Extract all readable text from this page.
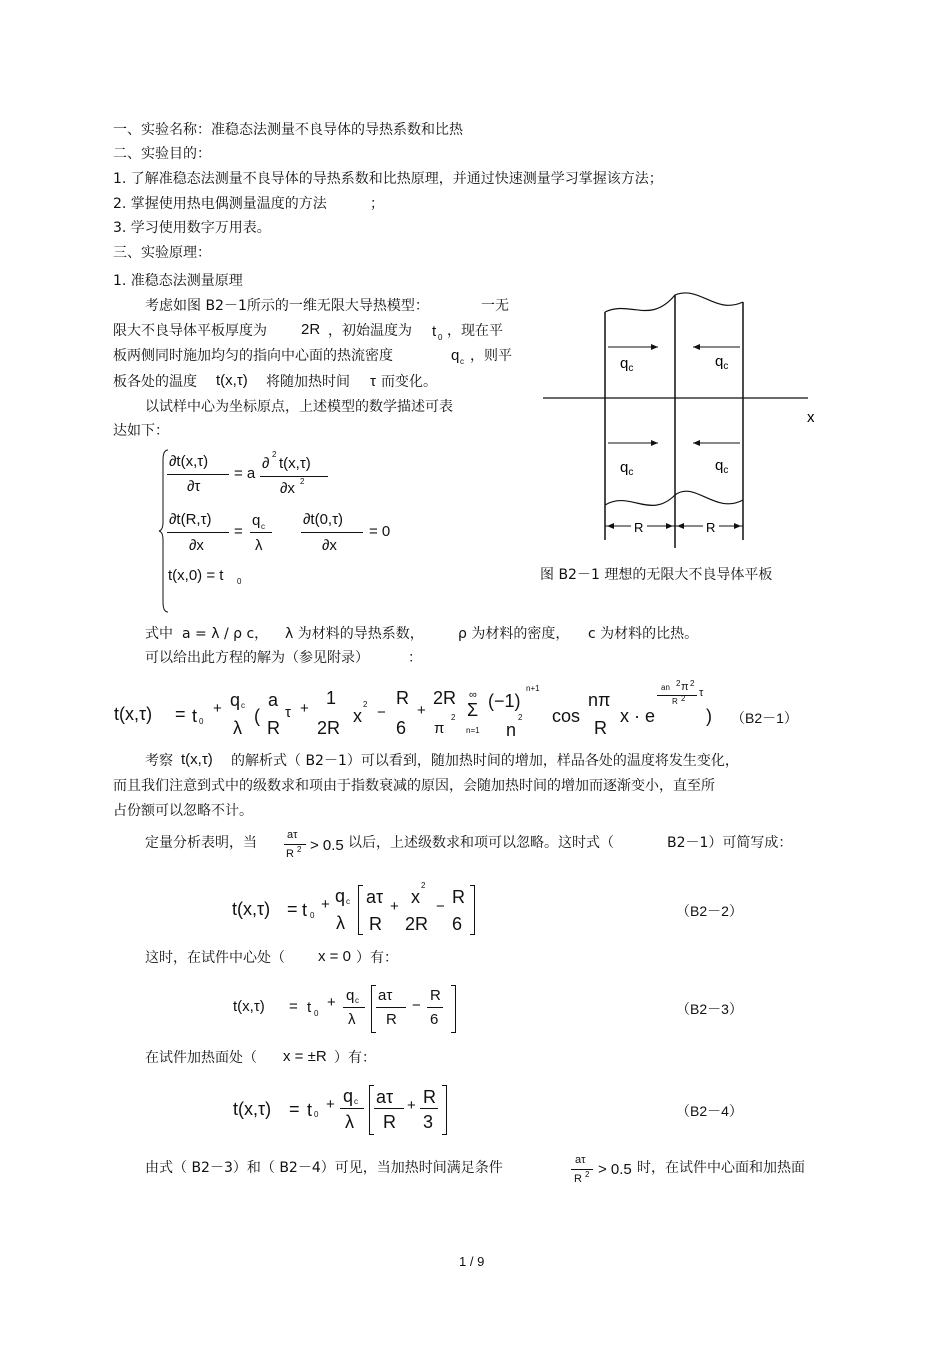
一、实验名称：准稳态法测量不良导体的导热系数和比热
二、实验目的：
1. 了解准稳态法测量不良导体的导热系数和比热原理，并通过快速测量学习掌握该方法；
2. 掌握使用热电偶测量温度的方法	；
3. 学习使用数字万用表。
三、实验原理：
1. 准稳态法测量原理
考虑如图 B2－1所示的一维无限大导热模型：	一无
限大不良导体平板厚度为 2R ，初始温度为 t 0 ，现在平
板两侧同时施加均匀的指向中心面的热流密度	q c ，则平
板各处的温度 t(x,τ) 将随加热时间 τ 而变化。
以试样中心为坐标原点，上述模型的数学描述可表
达如下：
∂t(x,τ)
∂τ
= a
∂
2
t(x,τ)
∂x 2
∂t(R,τ)
∂x
=
q c
λ
∂t(0,τ)
∂x
= 0
t(x,0) = t 0
$q_c$	$q_c$
$q_c$	$q_c$
x
R	R
图 B2－1 理想的无限大不良导体平板
式中 a = λ / ρ c， λ 为材料的导热系数， ρ 为材料的密度， c 为材料的比热。
可以给出此方程的解为（参见附录）	：
t(x,τ) = t 0
+ q c
λ
(
a
R
τ +
1
2R
x
2 −
R
6
+
2R
π
2
∞
Σ
n=1
(−1)
n+1
n
2 cos
nπ
R
x · e
an 2 π 2
R 2 τ
) （B2－1）
考察 t(x,τ) 的解析式（ B2－1）可以看到，随加热时间的增加，样品各处的温度将发生变化，
而且我们注意到式中的级数求和项由于指数衰减的原因，会随加热时间的增加而逐渐变小，直至所
占份额可以忽略不计。
定量分析表明，当	aτ
R 2 > 0.5 以后，上述级数求和项可以忽略。这时式（	B2－1）可简写成：
t(x,τ) = t 0
+ q c
λ
aτ
R
+ x
2
2R
− R
6
（B2－2）
这时，在试件中心处（ x = 0 ）有：
t(x,τ) = t 0
+ q c
λ
aτ
R
−
R
6
（B2－3）
在试件加热面处（ x = ±R ）有：
t(x,τ) = t 0
+ q c
λ
aτ
R
+ R
3
（B2－4）
由式（ B2－3）和（ B2－4）可见，当加热时间满足条件	aτ
R 2 > 0.5 时，在试件中心面和加热面
1 / 9
